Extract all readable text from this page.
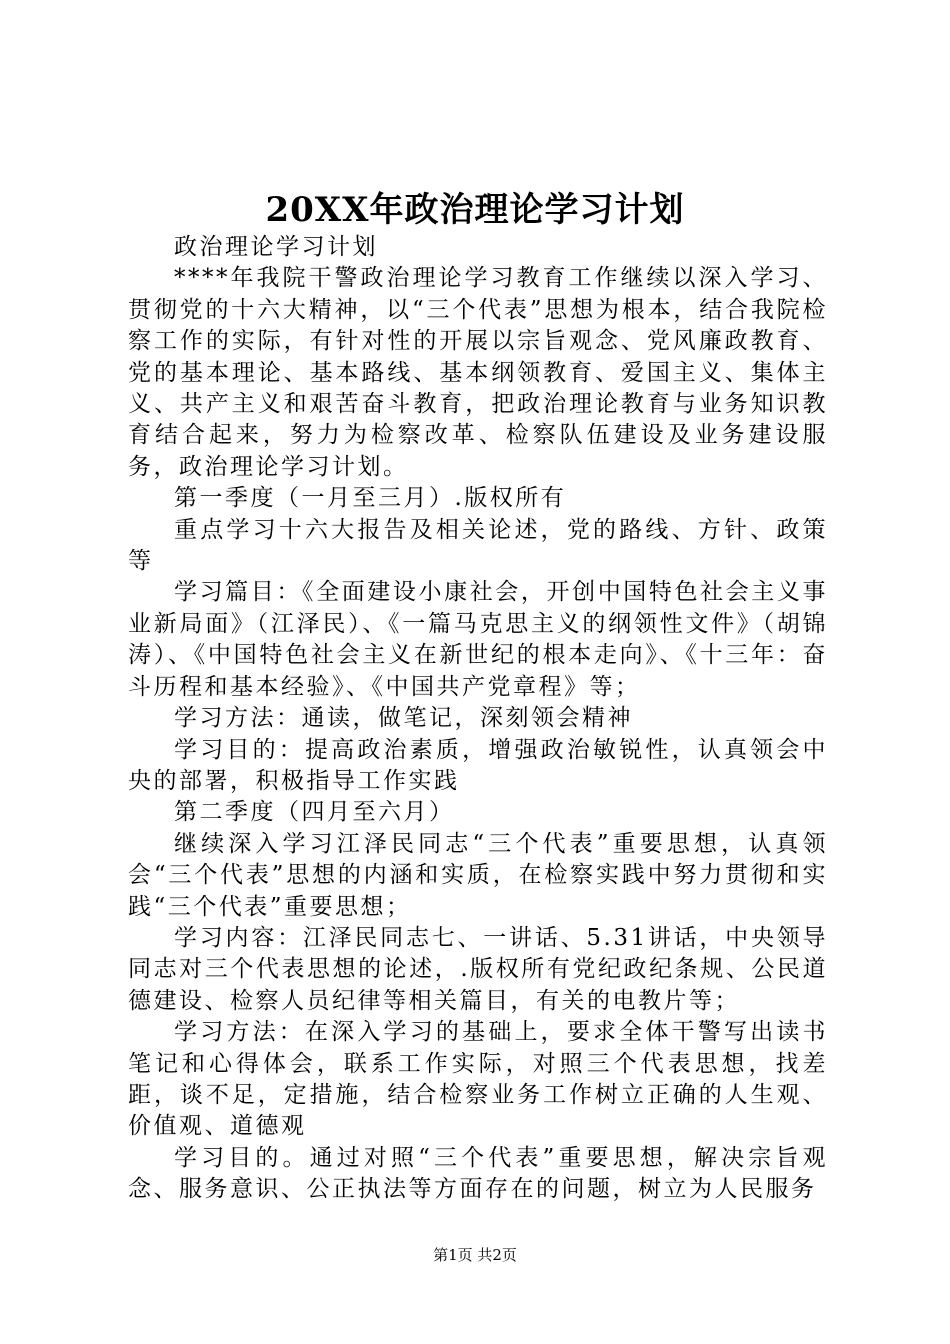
20XX年政治理论学习计划

政治理论学习计划

****年我院干警政治理论学习教育工作继续以深入学习、贯彻党的十六大精神，以“三个代表”思想为根本，结合我院检察工作的实际，有针对性的开展以宗旨观念、党风廉政教育、党的基本理论、基本路线、基本纲领教育、爱国主义、集体主义、共产主义和艰苦奋斗教育，把政治理论教育与业务知识教育结合起来，努力为检察改革、检察队伍建设及业务建设服务，政治理论学习计划。

第一季度（一月至三月）.版权所有

重点学习十六大报告及相关论述，党的路线、方针、政策等

学习篇目：《全面建设小康社会，开创中国特色社会主义事业新局面》（江泽民）、《一篇马克思主义的纲领性文件》（胡锦涛）、《中国特色社会主义在新世纪的根本走向》、《十三年：奋斗历程和基本经验》、《中国共产党章程》等；

学习方法：通读，做笔记，深刻领会精神

学习目的：提高政治素质，增强政治敏锐性，认真领会中央的部署，积极指导工作实践

第二季度（四月至六月）

继续深入学习江泽民同志“三个代表”重要思想，认真领会“三个代表”思想的内涵和实质，在检察实践中努力贯彻和实践“三个代表”重要思想；

学习内容：江泽民同志七、一讲话、5.31讲话，中央领导同志对三个代表思想的论述，.版权所有党纪政纪条规、公民道德建设、检察人员纪律等相关篇目，有关的电教片等；

学习方法：在深入学习的基础上，要求全体干警写出读书笔记和心得体会，联系工作实际，对照三个代表思想，找差距，谈不足，定措施，结合检察业务工作树立正确的人生观、价值观、道德观

学习目的。通过对照“三个代表”重要思想，解决宗旨观念、服务意识、公正执法等方面存在的问题，树立为人民服务

第1页 共2页
